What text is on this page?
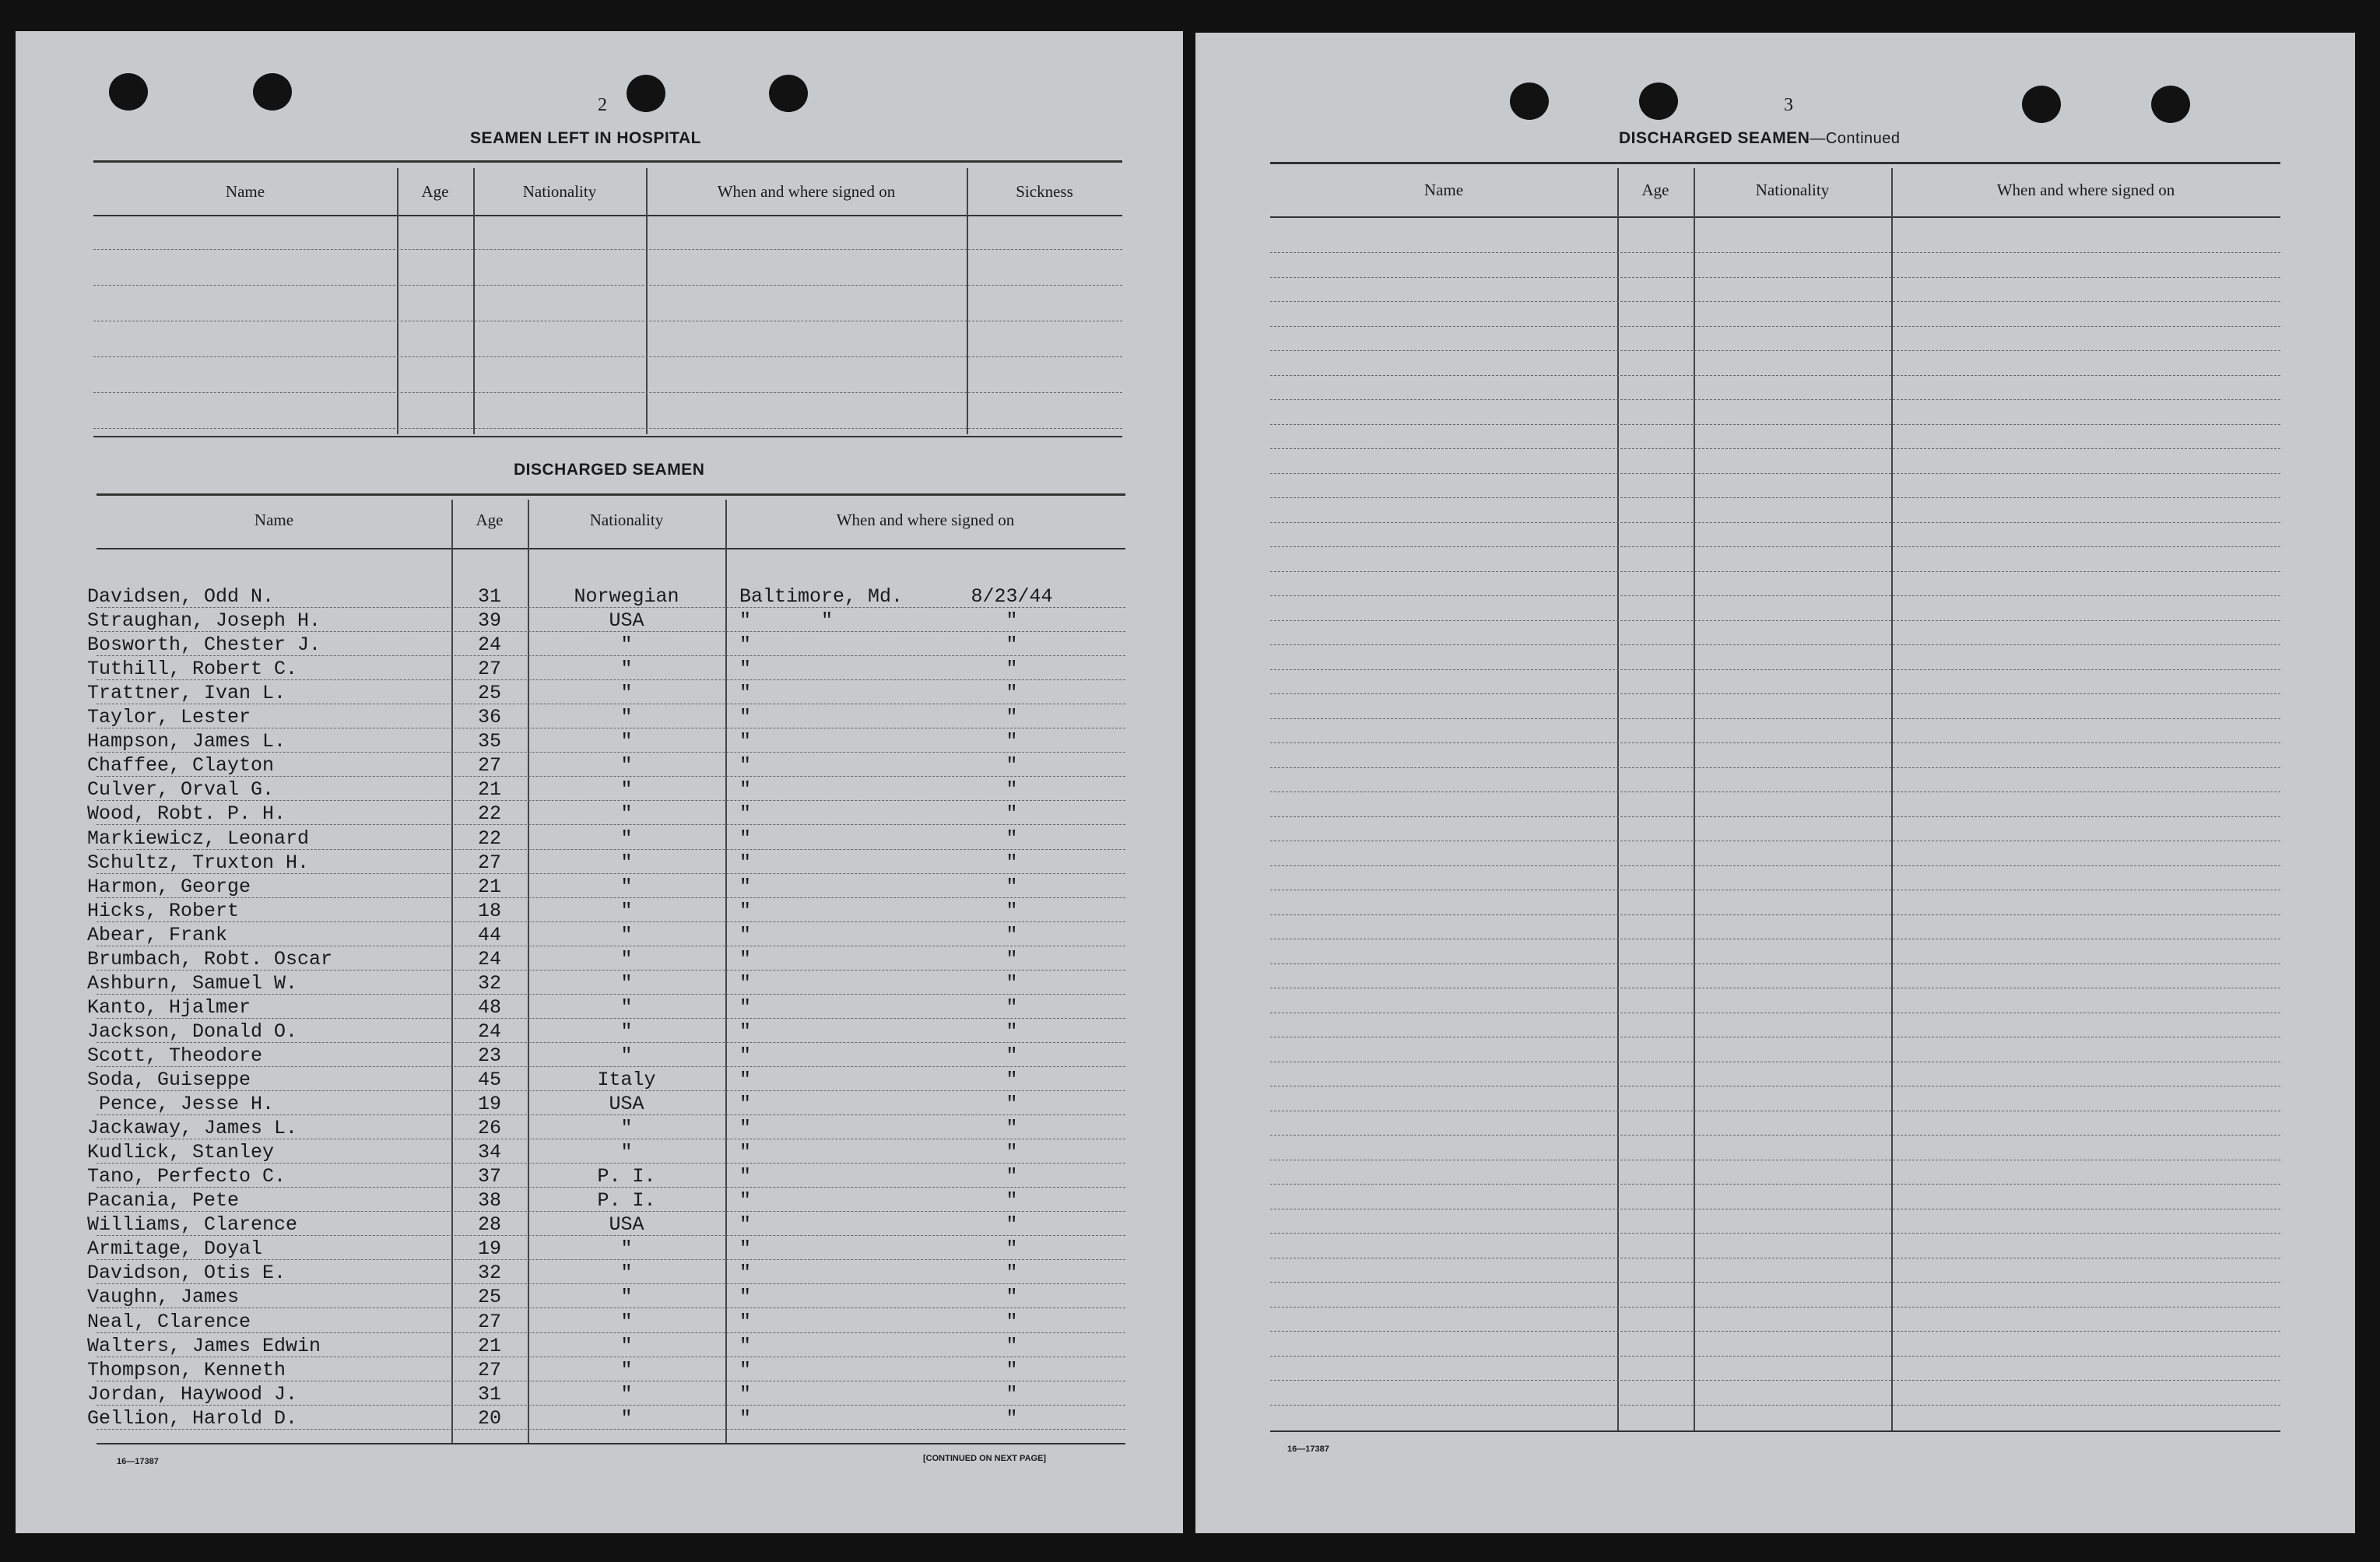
2
SEAMEN LEFT IN HOSPITAL
Name	Age	Nationality	When and where signed on	Sickness
DISCHARGED SEAMEN
Name	Age	Nationality	When and where signed on
Davidsen, Odd N.	31	Norwegian	Baltimore, Md.	8/23/44
Straughan, Joseph H.	39	USA	"      "	"
Bosworth, Chester J.	24	"	"	"
Tuthill, Robert C.	27	"	"	"
Trattner, Ivan L.	25	"	"	"
Taylor, Lester	36	"	"	"
Hampson, James L.	35	"	"	"
Chaffee, Clayton	27	"	"	"
Culver, Orval G.	21	"	"	"
Wood, Robt. P. H.	22	"	"	"
Markiewicz, Leonard	22	"	"	"
Schultz, Truxton H.	27	"	"	"
Harmon, George	21	"	"	"
Hicks, Robert	18	"	"	"
Abear, Frank	44	"	"	"
Brumbach, Robt. Oscar	24	"	"	"
Ashburn, Samuel W.	32	"	"	"
Kanto, Hjalmer	48	"	"	"
Jackson, Donald O.	24	"	"	"
Scott, Theodore	23	"	"	"
Soda, Guiseppe	45	Italy	"	"
Pence, Jesse H.	19	USA	"	"
Jackaway, James L.	26	"	"	"
Kudlick, Stanley	34	"	"	"
Tano, Perfecto C.	37	P. I.	"	"
Pacania, Pete	38	P. I.	"	"
Williams, Clarence	28	USA	"	"
Armitage, Doyal	19	"	"	"
Davidson, Otis E.	32	"	"	"
Vaughn, James	25	"	"	"
Neal, Clarence	27	"	"	"
Walters, James Edwin	21	"	"	"
Thompson, Kenneth	27	"	"	"
Jordan, Haywood J.	31	"	"	"
Gellion, Harold D.	20	"	"	"
16—17387	[CONTINUED ON NEXT PAGE]
3
DISCHARGED SEAMEN—Continued
Name	Age	Nationality	When and where signed on
16—17387
